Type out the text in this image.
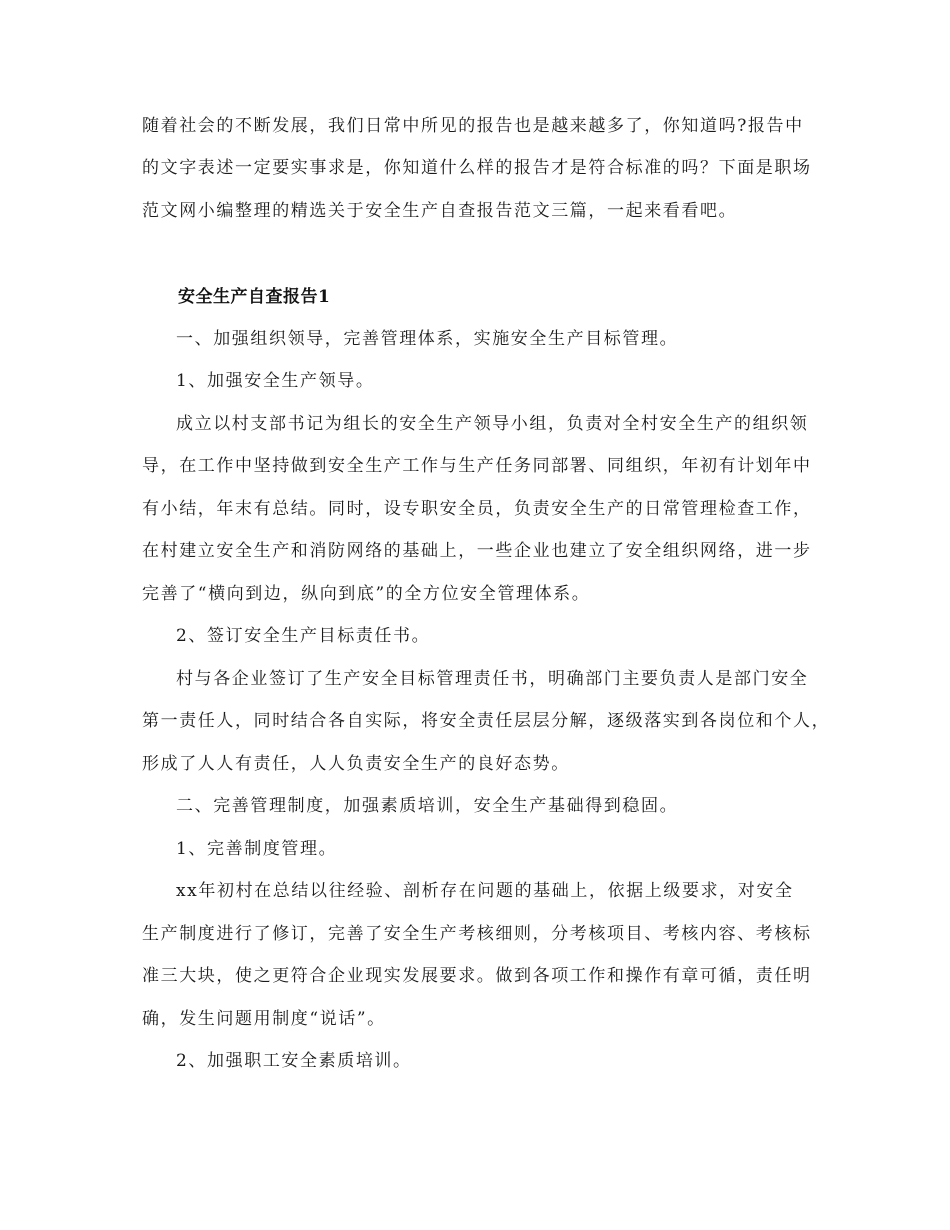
随着社会的不断发展，我们日常中所见的报告也是越来越多了，你知道吗?报告中

的文字表述一定要实事求是，你知道什么样的报告才是符合标准的吗？下面是职场

范文网小编整理的精选关于安全生产自查报告范文三篇，一起来看看吧。

安全生产自查报告1

一、加强组织领导，完善管理体系，实施安全生产目标管理。

1、加强安全生产领导。

成立以村支部书记为组长的安全生产领导小组，负责对全村安全生产的组织领

导，在工作中坚持做到安全生产工作与生产任务同部署、同组织，年初有计划年中

有小结，年末有总结。同时，设专职安全员，负责安全生产的日常管理检查工作，

在村建立安全生产和消防网络的基础上，一些企业也建立了安全组织网络，进一步

完善了“横向到边，纵向到底”的全方位安全管理体系。

2、签订安全生产目标责任书。

村与各企业签订了生产安全目标管理责任书，明确部门主要负责人是部门安全

第一责任人，同时结合各自实际，将安全责任层层分解，逐级落实到各岗位和个人，

形成了人人有责任，人人负责安全生产的良好态势。

二、完善管理制度，加强素质培训，安全生产基础得到稳固。

1、完善制度管理。

xx年初村在总结以往经验、剖析存在问题的基础上，依据上级要求，对安全

生产制度进行了修订，完善了安全生产考核细则，分考核项目、考核内容、考核标

准三大块，使之更符合企业现实发展要求。做到各项工作和操作有章可循，责任明

确，发生问题用制度“说话”。

2、加强职工安全素质培训。
